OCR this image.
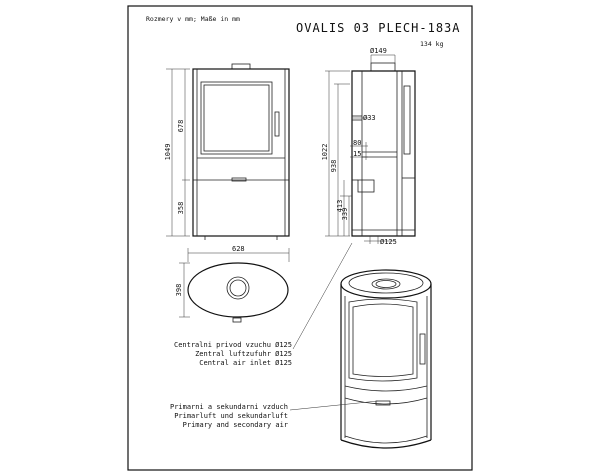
Rozmery v mm; Maße in mm
OVALIS 03 PLECH-183A
134 kg
1049
678
358
Ø149
1022
938
413
339
Ø33
80
15
Ø125
628
398
Centralni privod vzuchu Ø125
Zentral luftzufuhr Ø125
Central air inlet Ø125
Primarni a sekundarni vzduch
Primarluft und sekundarluft
Primary and secondary air
